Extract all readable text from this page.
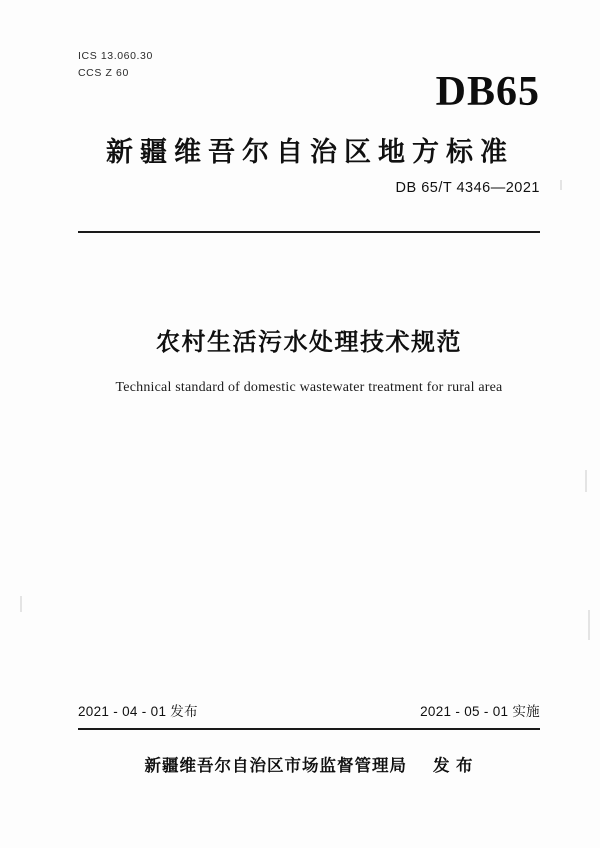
ICS 13.060.30
CCS Z 60	DB65
新疆维吾尔自治区地方标准
DB 65/T 4346—2021
农村生活污水处理技术规范
Technical standard of domestic wastewater treatment for rural area
2021 - 04 - 01 发布	2021 - 05 - 01 实施
新疆维吾尔自治区市场监督管理局 发 布
